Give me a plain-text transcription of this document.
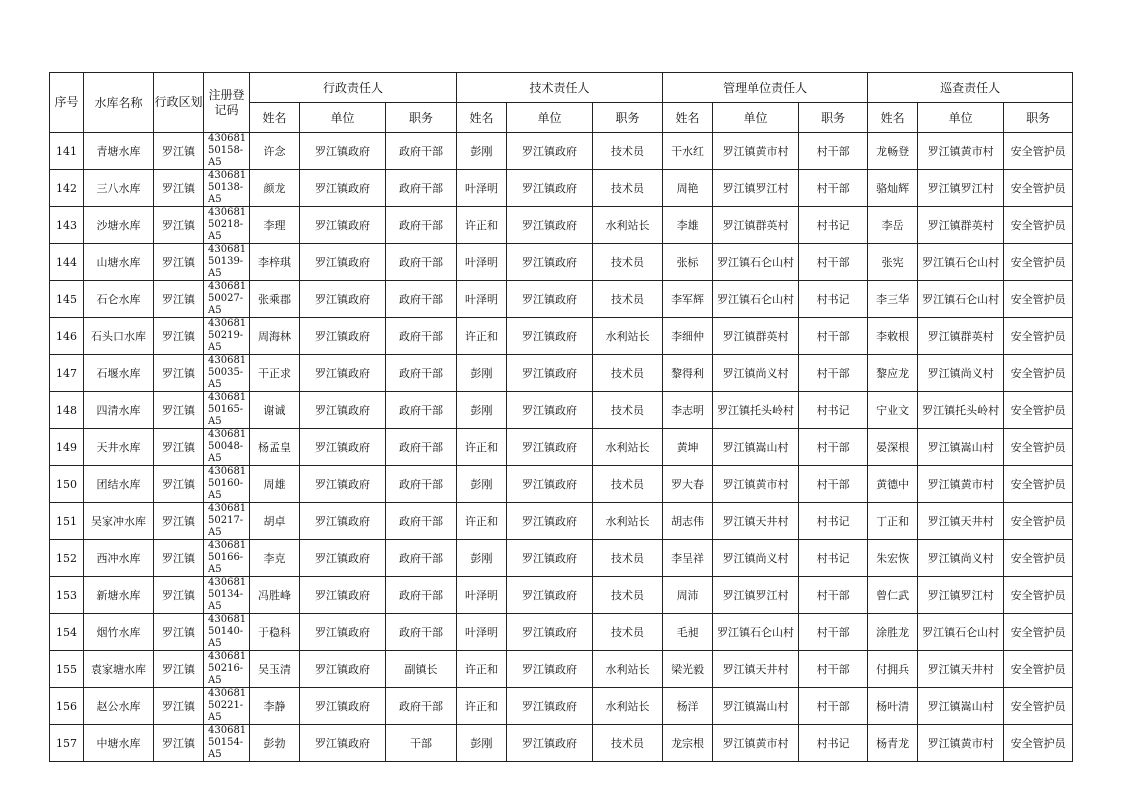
序号	水库名称	行政区划	注册登记码	行政责任人			技术责任人			管理单位责任人			巡查责任人		
				姓名	单位	职务	姓名	单位	职务	姓名	单位	职务	姓名	单位	职务
141	青塘水库	罗江镇	43068150158-A5	许念	罗江镇政府	政府干部	彭刚	罗江镇政府	技术员	干水红	罗江镇黄市村	村干部	龙畅登	罗江镇黄市村	安全管护员
142	三八水库	罗江镇	43068150138-A5	颜龙	罗江镇政府	政府干部	叶泽明	罗江镇政府	技术员	周艳	罗江镇罗江村	村干部	骆灿辉	罗江镇罗江村	安全管护员
143	沙塘水库	罗江镇	43068150218-A5	李理	罗江镇政府	政府干部	许正和	罗江镇政府	水利站长	李雄	罗江镇群英村	村书记	李岳	罗江镇群英村	安全管护员
144	山塘水库	罗江镇	43068150139-A5	李梓琪	罗江镇政府	政府干部	叶泽明	罗江镇政府	技术员	张标	罗江镇石仑山村	村干部	张宪	罗江镇石仑山村	安全管护员
145	石仑水库	罗江镇	43068150027-A5	张乘郡	罗江镇政府	政府干部	叶泽明	罗江镇政府	技术员	李军辉	罗江镇石仑山村	村书记	李三华	罗江镇石仑山村	安全管护员
146	石头口水库	罗江镇	43068150219-A5	周海林	罗江镇政府	政府干部	许正和	罗江镇政府	水利站长	李细仲	罗江镇群英村	村干部	李敕根	罗江镇群英村	安全管护员
147	石堰水库	罗江镇	43068150035-A5	干正求	罗江镇政府	政府干部	彭刚	罗江镇政府	技术员	黎得利	罗江镇尚义村	村干部	黎应龙	罗江镇尚义村	安全管护员
148	四清水库	罗江镇	43068150165-A5	谢诚	罗江镇政府	政府干部	彭刚	罗江镇政府	技术员	李志明	罗江镇托头岭村	村书记	宁业文	罗江镇托头岭村	安全管护员
149	天井水库	罗江镇	43068150048-A5	杨孟皇	罗江镇政府	政府干部	许正和	罗江镇政府	水利站长	黄坤	罗江镇嵩山村	村干部	晏深根	罗江镇嵩山村	安全管护员
150	团结水库	罗江镇	43068150160-A5	周雄	罗江镇政府	政府干部	彭刚	罗江镇政府	技术员	罗大春	罗江镇黄市村	村干部	黄德中	罗江镇黄市村	安全管护员
151	吴家冲水库	罗江镇	43068150217-A5	胡卓	罗江镇政府	政府干部	许正和	罗江镇政府	水利站长	胡志伟	罗江镇天井村	村书记	丁正和	罗江镇天井村	安全管护员
152	西冲水库	罗江镇	43068150166-A5	李克	罗江镇政府	政府干部	彭刚	罗江镇政府	技术员	李呈祥	罗江镇尚义村	村书记	朱宏恢	罗江镇尚义村	安全管护员
153	新塘水库	罗江镇	43068150134-A5	冯胜峰	罗江镇政府	政府干部	叶泽明	罗江镇政府	技术员	周沛	罗江镇罗江村	村干部	曾仁武	罗江镇罗江村	安全管护员
154	烟竹水库	罗江镇	43068150140-A5	于稳科	罗江镇政府	政府干部	叶泽明	罗江镇政府	技术员	毛昶	罗江镇石仑山村	村干部	涂胜龙	罗江镇石仑山村	安全管护员
155	袁家塘水库	罗江镇	43068150216-A5	吴玉清	罗江镇政府	副镇长	许正和	罗江镇政府	水利站长	梁光毅	罗江镇天井村	村干部	付拥兵	罗江镇天井村	安全管护员
156	赵公水库	罗江镇	43068150221-A5	李静	罗江镇政府	政府干部	许正和	罗江镇政府	水利站长	杨洋	罗江镇嵩山村	村干部	杨叶清	罗江镇嵩山村	安全管护员
157	中塘水库	罗江镇	43068150154-A5	彭勃	罗江镇政府	干部	彭刚	罗江镇政府	技术员	龙宗根	罗江镇黄市村	村书记	杨青龙	罗江镇黄市村	安全管护员
